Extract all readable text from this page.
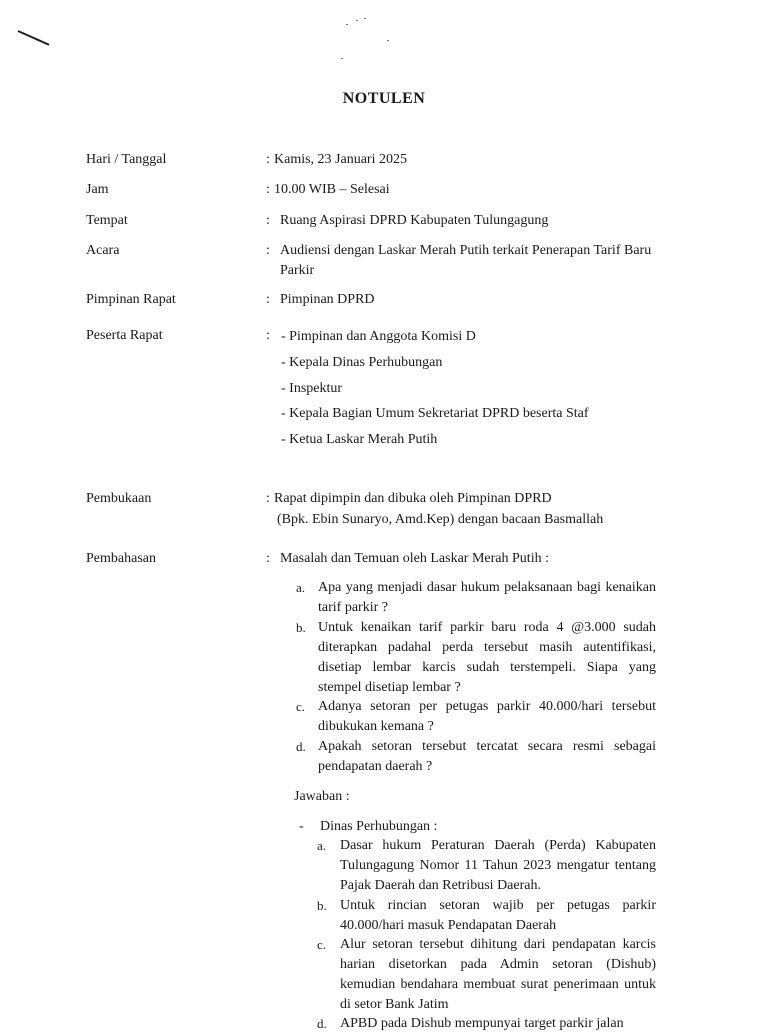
NOTULEN
Hari / Tanggal	: Kamis, 23 Januari 2025
Jam	: 10.00 WIB – Selesai
Tempat	: Ruang Aspirasi DPRD Kabupaten Tulungagung
Acara	: Audiensi dengan Laskar Merah Putih terkait Penerapan Tarif Baru Parkir
Pimpinan Rapat	: Pimpinan DPRD
Peserta Rapat	: - Pimpinan dan Anggota Komisi D
- Kepala Dinas Perhubungan
- Inspektur
- Kepala Bagian Umum Sekretariat DPRD beserta Staf
- Ketua Laskar Merah Putih
Pembukaan	: Rapat dipimpin dan dibuka oleh Pimpinan DPRD
(Bpk. Ebin Sunaryo, Amd.Kep) dengan bacaan Basmallah
Pembahasan	: Masalah dan Temuan oleh Laskar Merah Putih :
a. Apa yang menjadi dasar hukum pelaksanaan bagi kenaikan tarif parkir ?
b. Untuk kenaikan tarif parkir baru roda 4 @3.000 sudah diterapkan padahal perda tersebut masih autentifikasi, disetiap lembar karcis sudah terstempeli. Siapa yang stempel disetiap lembar ?
c. Adanya setoran per petugas parkir 40.000/hari tersebut dibukukan kemana ?
d. Apakah setoran tersebut tercatat secara resmi sebagai pendapatan daerah ?
Jawaban :
- Dinas Perhubungan :
a. Dasar hukum Peraturan Daerah (Perda) Kabupaten Tulungagung Nomor 11 Tahun 2023 mengatur tentang Pajak Daerah dan Retribusi Daerah.
b. Untuk rincian setoran wajib per petugas parkir 40.000/hari masuk Pendapatan Daerah
c. Alur setoran tersebut dihitung dari pendapatan karcis harian disetorkan pada Admin setoran (Dishub) kemudian bendahara membuat surat penerimaan untuk di setor Bank Jatim
d. APBD pada Dishub mempunyai target parkir jalan
